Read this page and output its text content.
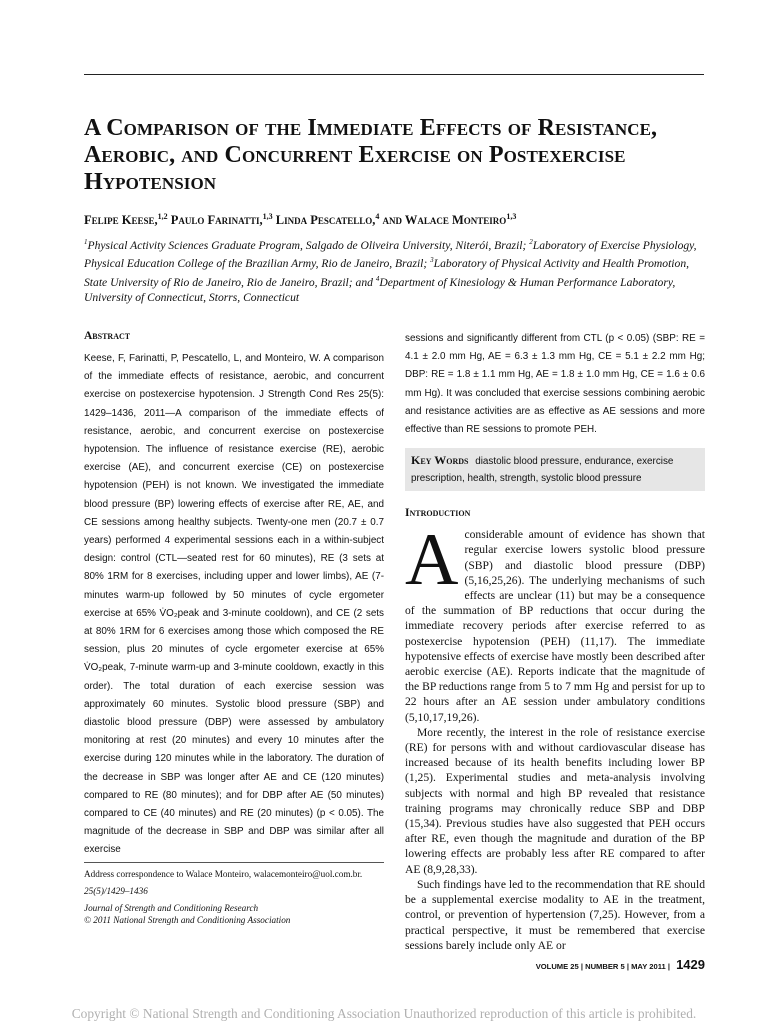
A Comparison of the Immediate Effects of Resistance, Aerobic, and Concurrent Exercise on Postexercise Hypotension
Felipe Keese,$^{1,2}$ Paulo Farinatti,$^{1,3}$ Linda Pescatello,$^4$ and Walace Monteiro$^{1,3}$
$^1$Physical Activity Sciences Graduate Program, Salgado de Oliveira University, Niterói, Brazil; $^2$Laboratory of Exercise Physiology, Physical Education College of the Brazilian Army, Rio de Janeiro, Brazil; $^3$Laboratory of Physical Activity and Health Promotion, State University of Rio de Janeiro, Rio de Janeiro, Brazil; and $^4$Department of Kinesiology & Human Performance Laboratory, University of Connecticut, Storrs, Connecticut
Abstract

Keese, F, Farinatti, P, Pescatello, L, and Monteiro, W. A comparison of the immediate effects of resistance, aerobic, and concurrent exercise on postexercise hypotension. J Strength Cond Res 25(5): 1429–1436, 2011—A comparison of the immediate effects of resistance, aerobic, and concurrent exercise on postexercise hypotension. The influence of resistance exercise (RE), aerobic exercise (AE), and concurrent exercise (CE) on postexercise hypotension (PEH) is not known. We investigated the immediate blood pressure (BP) lowering effects of exercise after RE, AE, and CE sessions among healthy subjects. Twenty-one men (20.7 ± 0.7 years) performed 4 experimental sessions each in a within-subject design: control (CTL—seated rest for 60 minutes), RE (3 sets at 80% 1RM for 8 exercises, including upper and lower limbs), AE (7-minutes warm-up followed by 50 minutes of cycle ergometer exercise at 65% V̇O₂peak and 3-minute cooldown), and CE (2 sets at 80% 1RM for 6 exercises among those which composed the RE session, plus 20 minutes of cycle ergometer exercise at 65% V̇O₂peak, 7-minute warm-up and 3-minute cooldown, exactly in this order). The total duration of each exercise session was approximately 60 minutes. Systolic blood pressure (SBP) and diastolic blood pressure (DBP) were assessed by ambulatory monitoring at rest (20 minutes) and every 10 minutes after the exercise during 120 minutes while in the laboratory. The duration of the decrease in SBP was longer after AE and CE (120 minutes) compared to RE (80 minutes); and for DBP after AE (50 minutes) compared to CE (40 minutes) and RE (20 minutes) (p < 0.05). The magnitude of the decrease in SBP and DBP was similar after all exercise

sessions and significantly different from CTL (p < 0.05) (SBP: RE = 4.1 ± 2.0 mm Hg, AE = 6.3 ± 1.3 mm Hg, CE = 5.1 ± 2.2 mm Hg; DBP: RE = 1.8 ± 1.1 mm Hg, AE = 1.8 ± 1.0 mm Hg, CE = 1.6 ± 0.6 mm Hg). It was concluded that exercise sessions combining aerobic and resistance activities are as effective as AE sessions and more effective than RE sessions to promote PEH.

Key Words diastolic blood pressure, endurance, exercise prescription, health, strength, systolic blood pressure
Introduction

Aconsiderable amount of evidence has shown that regular exercise lowers systolic blood pressure (SBP) and diastolic blood pressure (DBP) (5,16,25,26). The underlying mechanisms of such effects are unclear (11) but may be a consequence of the summation of BP reductions that occur during the immediate recovery periods after exercise referred to as postexercise hypotension (PEH) (11,17). The immediate hypotensive effects of exercise have mostly been described after aerobic exercise (AE). Reports indicate that the magnitude of the BP reductions range from 5 to 7 mm Hg and persist for up to 22 hours after an AE session under ambulatory conditions (5,10,17,19,26).

More recently, the interest in the role of resistance exercise (RE) for persons with and without cardiovascular disease has increased because of its health benefits including lower BP (1,25). Experimental studies and meta-analysis involving subjects with normal and high BP revealed that resistance training programs may chronically reduce SBP and DBP (15,34). Previous studies have also suggested that PEH occurs after RE, even though the magnitude and duration of the BP lowering effects are probably less after RE compared to after AE (8,9,28,33).

Such findings have led to the recommendation that RE should be a supplemental exercise modality to AE in the treatment, control, or prevention of hypertension (7,25). However, from a practical perspective, it must be remembered that exercise sessions barely include only AE or

Address correspondence to Walace Monteiro, walacemonteiro@uol.com.br.

25(5)/1429–1436

Journal of Strength and Conditioning Research

© 2011 National Strength and Conditioning Association

VOLUME 25 | NUMBER 5 | MAY 2011 | 1429
Copyright © National Strength and Conditioning Association Unauthorized reproduction of this article is prohibited.
